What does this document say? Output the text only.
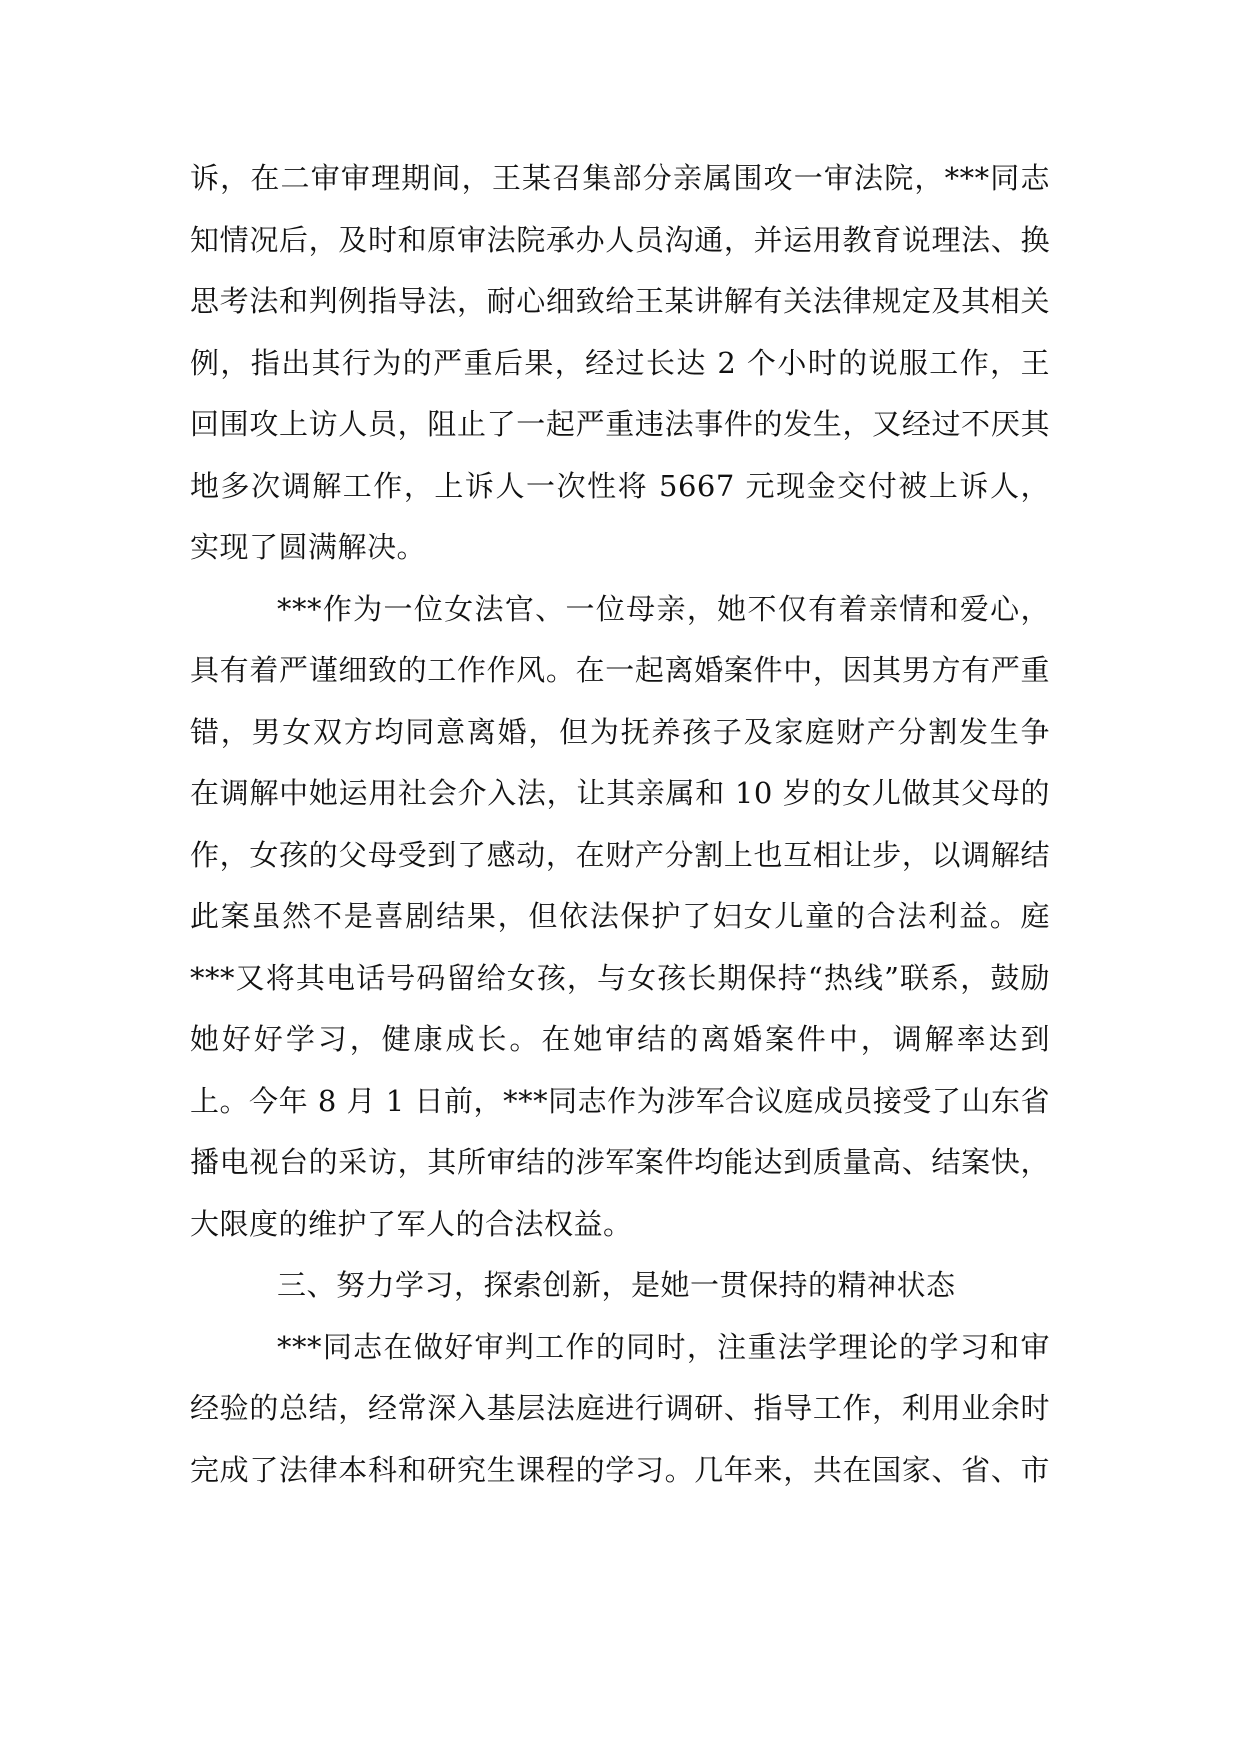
诉，在二审审理期间，王某召集部分亲属围攻一审法院，***同志
知情况后，及时和原审法院承办人员沟通，并运用教育说理法、换
思考法和判例指导法，耐心细致给王某讲解有关法律规定及其相关
例，指出其行为的严重后果，经过长达 2 个小时的说服工作，王
回围攻上访人员，阻止了一起严重违法事件的发生，又经过不厌其
地多次调解工作，上诉人一次性将 5667 元现金交付被上诉人，
实现了圆满解决。
***作为一位女法官、一位母亲，她不仅有着亲情和爱心，
具有着严谨细致的工作作风。在一起离婚案件中，因其男方有严重
错，男女双方均同意离婚，但为抚养孩子及家庭财产分割发生争
在调解中她运用社会介入法，让其亲属和 10 岁的女儿做其父母的
作，女孩的父母受到了感动，在财产分割上也互相让步，以调解结
此案虽然不是喜剧结果，但依法保护了妇女儿童的合法利益。庭
***又将其电话号码留给女孩，与女孩长期保持“热线”联系，鼓励
她好好学习，健康成长。在她审结的离婚案件中，调解率达到
上。今年 8 月 1 日前，***同志作为涉军合议庭成员接受了山东省
播电视台的采访，其所审结的涉军案件均能达到质量高、结案快，
大限度的维护了军人的合法权益。
三、努力学习，探索创新，是她一贯保持的精神状态
***同志在做好审判工作的同时，注重法学理论的学习和审
经验的总结，经常深入基层法庭进行调研、指导工作，利用业余时
完成了法律本科和研究生课程的学习。几年来，共在国家、省、市
